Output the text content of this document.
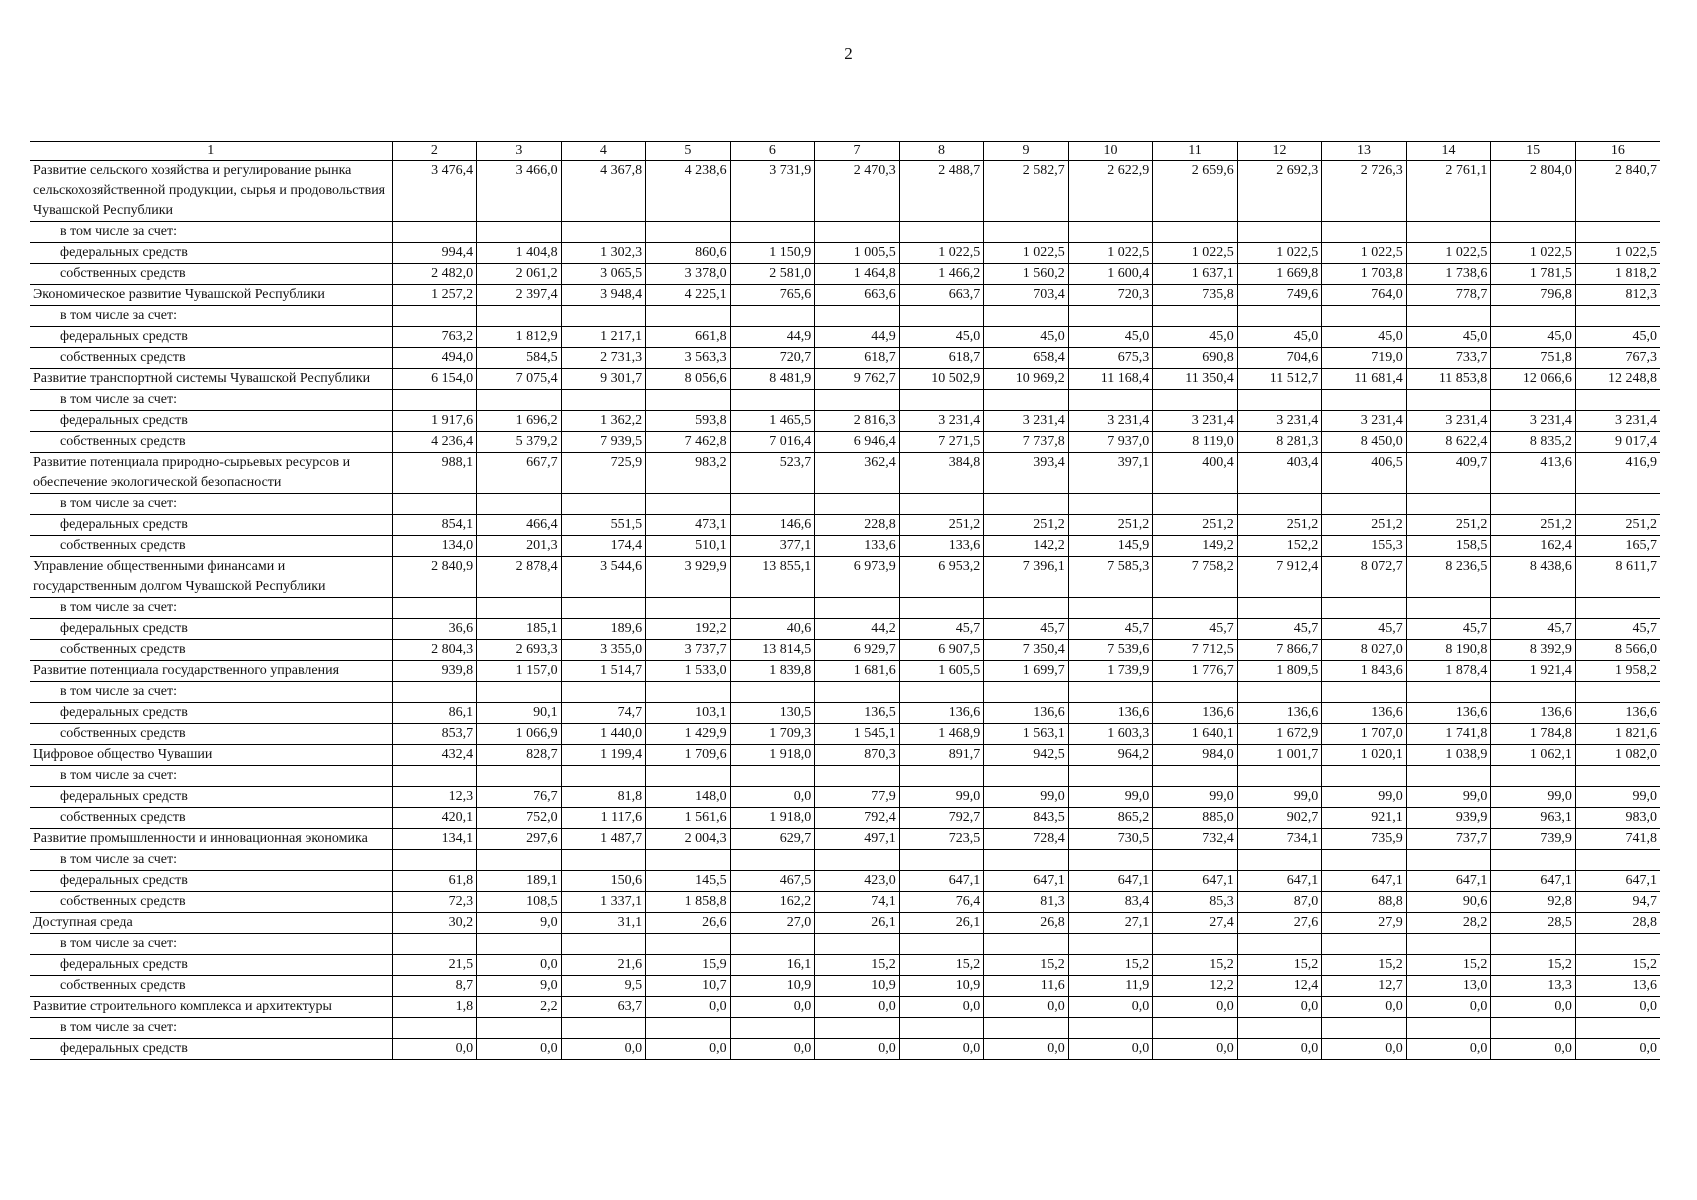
2
1	2	3	4	5	6	7	8	9	10	11	12	13	14	15	16
Развитие сельского хозяйства и регулирование рынка сельскохозяйственной продукции, сырья и продовольствия Чувашской Республики	3 476,4	3 466,0	4 367,8	4 238,6	3 731,9	2 470,3	2 488,7	2 582,7	2 622,9	2 659,6	2 692,3	2 726,3	2 761,1	2 804,0	2 840,7
в том числе за счет:															
федеральных средств	994,4	1 404,8	1 302,3	860,6	1 150,9	1 005,5	1 022,5	1 022,5	1 022,5	1 022,5	1 022,5	1 022,5	1 022,5	1 022,5	1 022,5
собственных средств	2 482,0	2 061,2	3 065,5	3 378,0	2 581,0	1 464,8	1 466,2	1 560,2	1 600,4	1 637,1	1 669,8	1 703,8	1 738,6	1 781,5	1 818,2
Экономическое развитие Чувашской Республики	1 257,2	2 397,4	3 948,4	4 225,1	765,6	663,6	663,7	703,4	720,3	735,8	749,6	764,0	778,7	796,8	812,3
в том числе за счет:															
федеральных средств	763,2	1 812,9	1 217,1	661,8	44,9	44,9	45,0	45,0	45,0	45,0	45,0	45,0	45,0	45,0	45,0
собственных средств	494,0	584,5	2 731,3	3 563,3	720,7	618,7	618,7	658,4	675,3	690,8	704,6	719,0	733,7	751,8	767,3
Развитие транспортной системы Чувашской Республики	6 154,0	7 075,4	9 301,7	8 056,6	8 481,9	9 762,7	10 502,9	10 969,2	11 168,4	11 350,4	11 512,7	11 681,4	11 853,8	12 066,6	12 248,8
в том числе за счет:															
федеральных средств	1 917,6	1 696,2	1 362,2	593,8	1 465,5	2 816,3	3 231,4	3 231,4	3 231,4	3 231,4	3 231,4	3 231,4	3 231,4	3 231,4	3 231,4
собственных средств	4 236,4	5 379,2	7 939,5	7 462,8	7 016,4	6 946,4	7 271,5	7 737,8	7 937,0	8 119,0	8 281,3	8 450,0	8 622,4	8 835,2	9 017,4
Развитие потенциала природно-сырьевых ресурсов и обеспечение экологической безопасности	988,1	667,7	725,9	983,2	523,7	362,4	384,8	393,4	397,1	400,4	403,4	406,5	409,7	413,6	416,9
в том числе за счет:															
федеральных средств	854,1	466,4	551,5	473,1	146,6	228,8	251,2	251,2	251,2	251,2	251,2	251,2	251,2	251,2	251,2
собственных средств	134,0	201,3	174,4	510,1	377,1	133,6	133,6	142,2	145,9	149,2	152,2	155,3	158,5	162,4	165,7
Управление общественными финансами и государственным долгом Чувашской Республики	2 840,9	2 878,4	3 544,6	3 929,9	13 855,1	6 973,9	6 953,2	7 396,1	7 585,3	7 758,2	7 912,4	8 072,7	8 236,5	8 438,6	8 611,7
в том числе за счет:															
федеральных средств	36,6	185,1	189,6	192,2	40,6	44,2	45,7	45,7	45,7	45,7	45,7	45,7	45,7	45,7	45,7
собственных средств	2 804,3	2 693,3	3 355,0	3 737,7	13 814,5	6 929,7	6 907,5	7 350,4	7 539,6	7 712,5	7 866,7	8 027,0	8 190,8	8 392,9	8 566,0
Развитие потенциала государственного управления	939,8	1 157,0	1 514,7	1 533,0	1 839,8	1 681,6	1 605,5	1 699,7	1 739,9	1 776,7	1 809,5	1 843,6	1 878,4	1 921,4	1 958,2
в том числе за счет:															
федеральных средств	86,1	90,1	74,7	103,1	130,5	136,5	136,6	136,6	136,6	136,6	136,6	136,6	136,6	136,6	136,6
собственных средств	853,7	1 066,9	1 440,0	1 429,9	1 709,3	1 545,1	1 468,9	1 563,1	1 603,3	1 640,1	1 672,9	1 707,0	1 741,8	1 784,8	1 821,6
Цифровое общество Чувашии	432,4	828,7	1 199,4	1 709,6	1 918,0	870,3	891,7	942,5	964,2	984,0	1 001,7	1 020,1	1 038,9	1 062,1	1 082,0
в том числе за счет:															
федеральных средств	12,3	76,7	81,8	148,0	0,0	77,9	99,0	99,0	99,0	99,0	99,0	99,0	99,0	99,0	99,0
собственных средств	420,1	752,0	1 117,6	1 561,6	1 918,0	792,4	792,7	843,5	865,2	885,0	902,7	921,1	939,9	963,1	983,0
Развитие промышленности и инновационная экономика	134,1	297,6	1 487,7	2 004,3	629,7	497,1	723,5	728,4	730,5	732,4	734,1	735,9	737,7	739,9	741,8
в том числе за счет:															
федеральных средств	61,8	189,1	150,6	145,5	467,5	423,0	647,1	647,1	647,1	647,1	647,1	647,1	647,1	647,1	647,1
собственных средств	72,3	108,5	1 337,1	1 858,8	162,2	74,1	76,4	81,3	83,4	85,3	87,0	88,8	90,6	92,8	94,7
Доступная среда	30,2	9,0	31,1	26,6	27,0	26,1	26,1	26,8	27,1	27,4	27,6	27,9	28,2	28,5	28,8
в том числе за счет:															
федеральных средств	21,5	0,0	21,6	15,9	16,1	15,2	15,2	15,2	15,2	15,2	15,2	15,2	15,2	15,2	15,2
собственных средств	8,7	9,0	9,5	10,7	10,9	10,9	10,9	11,6	11,9	12,2	12,4	12,7	13,0	13,3	13,6
Развитие строительного комплекса и архитектуры	1,8	2,2	63,7	0,0	0,0	0,0	0,0	0,0	0,0	0,0	0,0	0,0	0,0	0,0	0,0
в том числе за счет:															
федеральных средств	0,0	0,0	0,0	0,0	0,0	0,0	0,0	0,0	0,0	0,0	0,0	0,0	0,0	0,0	0,0
